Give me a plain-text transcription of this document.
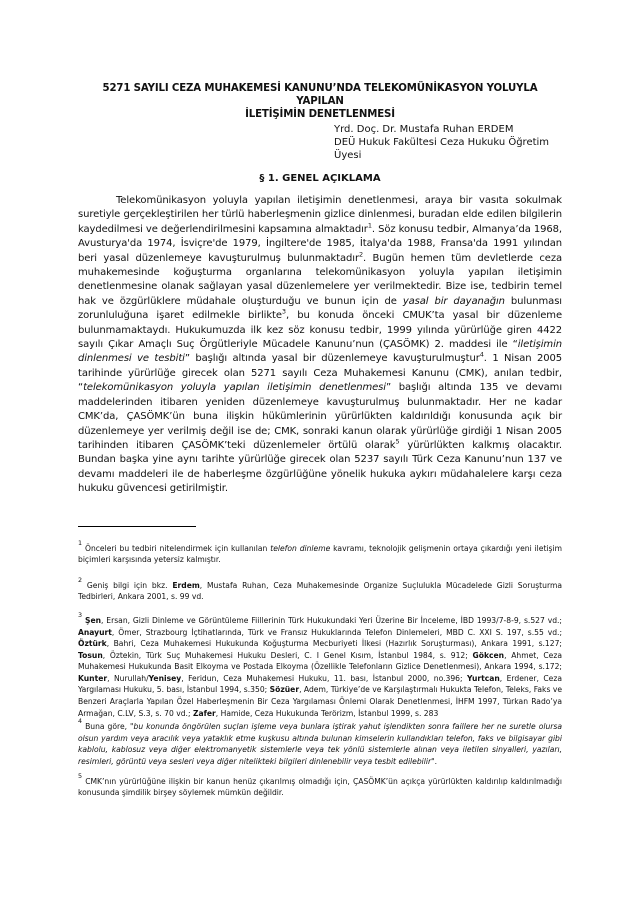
5271 SAYILI CEZA MUHAKEMESİ KANUNU’NDA TELEKOMÜNİKASYON YOLUYLA YAPILAN
İLETİŞİMİN DENETLENMESİ
Yrd. Doç. Dr. Mustafa Ruhan ERDEM
DEÜ Hukuk Fakültesi Ceza Hukuku Öğretim Üyesi
§ 1. GENEL AÇIKLAMA

Telekomünikasyon yoluyla yapılan iletişimin denetlenmesi, araya bir vasıta sokulmak suretiyle gerçekleştirilen her türlü haberleşmenin gizlice dinlenmesi, buradan elde edilen bilgilerin kaydedilmesi ve değerlendirilmesini kapsamına almaktadır$^1$. Söz konusu tedbir, Almanya’da 1968, Avusturya'da 1974, İsviçre'de 1979, İngiltere'de 1985, İtalya'da 1988, Fransa'da 1991 yılından beri yasal düzenlemeye kavuşturulmuş bulunmaktadır$^2$. Bugün hemen tüm devletlerde ceza muhakemesinde koğuşturma organlarına telekomünikasyon yoluyla yapılan iletişimin denetlenmesine olanak sağlayan yasal düzenlemelere yer verilmektedir. Bize ise, tedbirin temel hak ve özgürlüklere müdahale oluşturduğu ve bunun için de yasal bir dayanağın bulunması zorunluluğuna işaret edilmekle birlikte$^3$, bu konuda önceki CMUK’ta yasal bir düzenleme bulunmamaktaydı. Hukukumuzda ilk kez söz konusu tedbir, 1999 yılında yürürlüğe giren 4422 sayılı Çıkar Amaçlı Suç Örgütleriyle Mücadele Kanunu’nun (ÇASÖMK) 2. maddesi ile “iletişimin dinlenmesi ve tesbiti” başlığı altında yasal bir düzenlemeye kavuşturulmuştur$^4$. 1 Nisan 2005 tarihinde yürürlüğe girecek olan 5271 sayılı Ceza Muhakemesi Kanunu (CMK), anılan tedbir, “telekomünikasyon yoluyla yapılan iletişimin denetlenmesi” başlığı altında 135 ve devamı maddelerinden itibaren yeniden düzenlemeye kavuşturulmuş bulunmaktadır. Her ne kadar CMK’da, ÇASÖMK’ün buna ilişkin hükümlerinin yürürlükten kaldırıldığı konusunda açık bir düzenlemeye yer verilmiş değil ise de; CMK, sonraki kanun olarak yürürlüğe girdiği 1 Nisan 2005 tarihinden itibaren ÇASÖMK’teki düzenlemeler örtülü olarak$^5$ yürürlükten kalkmış olacaktır. Bundan başka yine aynı tarihte yürürlüğe girecek olan 5237 sayılı Türk Ceza Kanunu’nun 137 ve devamı maddeleri ile de haberleşme özgürlüğüne yönelik hukuka aykırı müdahalelere karşı ceza hukuku güvencesi getirilmiştir.

$^1$ Önceleri bu tedbiri nitelendirmek için kullanılan telefon dinleme kavramı, teknolojik gelişmenin ortaya çıkardığı yeni iletişim biçimleri karşısında yetersiz kalmıştır.
$^2$ Geniş bilgi için bkz. Erdem, Mustafa Ruhan, Ceza Muhakemesinde Organize Suçlulukla Mücadelede Gizli Soruşturma Tedbirleri, Ankara 2001, s. 99 vd.
$^3$ Şen, Ersan, Gizli Dinleme ve Görüntüleme Fiillerinin Türk Hukukundaki Yeri Üzerine Bir İnceleme, İBD 1993/7-8-9, s.527 vd.; Anayurt, Ömer, Strazbourg İçtihatlarında, Türk ve Fransız Hukuklarında Telefon Dinlemeleri, MBD C. XXI S. 197, s.55 vd.; Öztürk, Bahri, Ceza Muhakemesi Hukukunda Koğuşturma Mecburiyeti İlkesi (Hazırlık Soruşturması), Ankara 1991, s.127; Tosun, Öztekin, Türk Suç Muhakemesi Hukuku Desleri, C. I Genel Kısım, İstanbul 1984, s. 912; Gökcen, Ahmet, Ceza Muhakemesi Hukukunda Basit Elkoyma ve Postada Elkoyma (Özellikle Telefonların Gizlice Denetlenmesi), Ankara 1994, s.172; Kunter, Nurullah/Yenisey, Feridun, Ceza Muhakemesi Hukuku, 11. bası, İstanbul 2000, no.396; Yurtcan, Erdener, Ceza Yargılaması Hukuku, 5. bası, İstanbul 1994, s.350; Sözüer, Adem, Türkiye’de ve Karşılaştırmalı Hukukta Telefon, Teleks, Faks ve Benzeri Araçlarla Yapılan Özel Haberleşmenin Bir Ceza Yargılaması Önlemi Olarak Denetlenmesi, İHFM 1997, Türkan Rado’ya Armağan, C.LV, S.3, s. 70 vd.; Zafer, Hamide, Ceza Hukukunda Terörizm, İstanbul 1999, s. 283
$^4$ Buna göre, "bu konunda öngörülen suçları işleme veya bunlara iştirak yahut işlendikten sonra faillere her ne suretle olursa olsun yardım veya aracılık veya yataklık etme kuşkusu altında bulunan kimselerin kullandıkları telefon, faks ve bilgisayar gibi kablolu, kablosuz veya diğer elektromanyetik sistemlerle veya tek yönlü sistemlerle alınan veya iletilen sinyalleri, yazıları, resimleri, görüntü veya sesleri veya diğer nitelikteki bilgileri dinlenebilir veya tesbit edilebilir".
$^5$ CMK’nın yürürlüğüne ilişkin bir kanun henüz çıkarılmış olmadığı için, ÇASÖMK’ün açıkça yürürlükten kaldırılıp kaldırılmadığı konusunda şimdilik birşey söylemek mümkün değildir.
